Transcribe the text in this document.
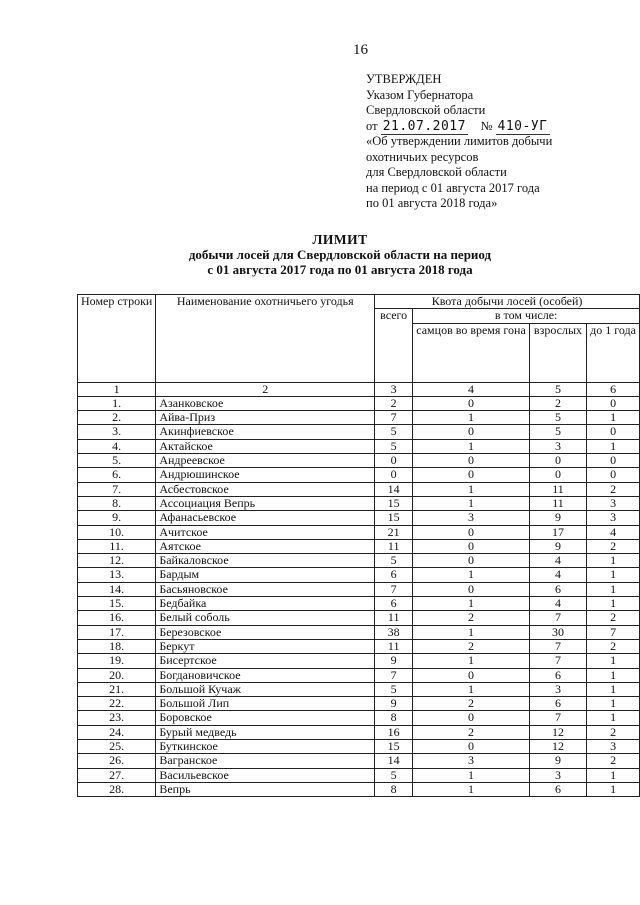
16
УТВЕРЖДЕН
Указом Губернатора
Свердловской области
от 21.07.2017 № 410-УГ
«Об утверждении лимитов добычи
охотничьих ресурсов
для Свердловской области
на период с 01 августа 2017 года
по 01 августа 2018 года»
ЛИМИТ
добычи лосей для Свердловской области на период
с 01 августа 2017 года по 01 августа 2018 года
Номер строки	Наименование охотничьего угодья	Квота добычи лосей (особей)			
		всего	в том числе:		
			самцов во время гона	взрослых	до 1 года
1	2	3	4	5	6
1.	Азанковское	2	0	2	0
2.	Айва-Приз	7	1	5	1
3.	Акинфиевское	5	0	5	0
4.	Актайское	5	1	3	1
5.	Андреевское	0	0	0	0
6.	Андрюшинское	0	0	0	0
7.	Асбестовское	14	1	11	2
8.	Ассоциация Вепрь	15	1	11	3
9.	Афанасьевское	15	3	9	3
10.	Ачитское	21	0	17	4
11.	Аятское	11	0	9	2
12.	Байкаловское	5	0	4	1
13.	Бардым	6	1	4	1
14.	Басьяновское	7	0	6	1
15.	Бедбайка	6	1	4	1
16.	Белый соболь	11	2	7	2
17.	Березовское	38	1	30	7
18.	Беркут	11	2	7	2
19.	Бисертское	9	1	7	1
20.	Богдановичское	7	0	6	1
21.	Большой Кучаж	5	1	3	1
22.	Большой Лип	9	2	6	1
23.	Боровское	8	0	7	1
24.	Бурый медведь	16	2	12	2
25.	Буткинское	15	0	12	3
26.	Вагранское	14	3	9	2
27.	Васильевское	5	1	3	1
28.	Вепрь	8	1	6	1
